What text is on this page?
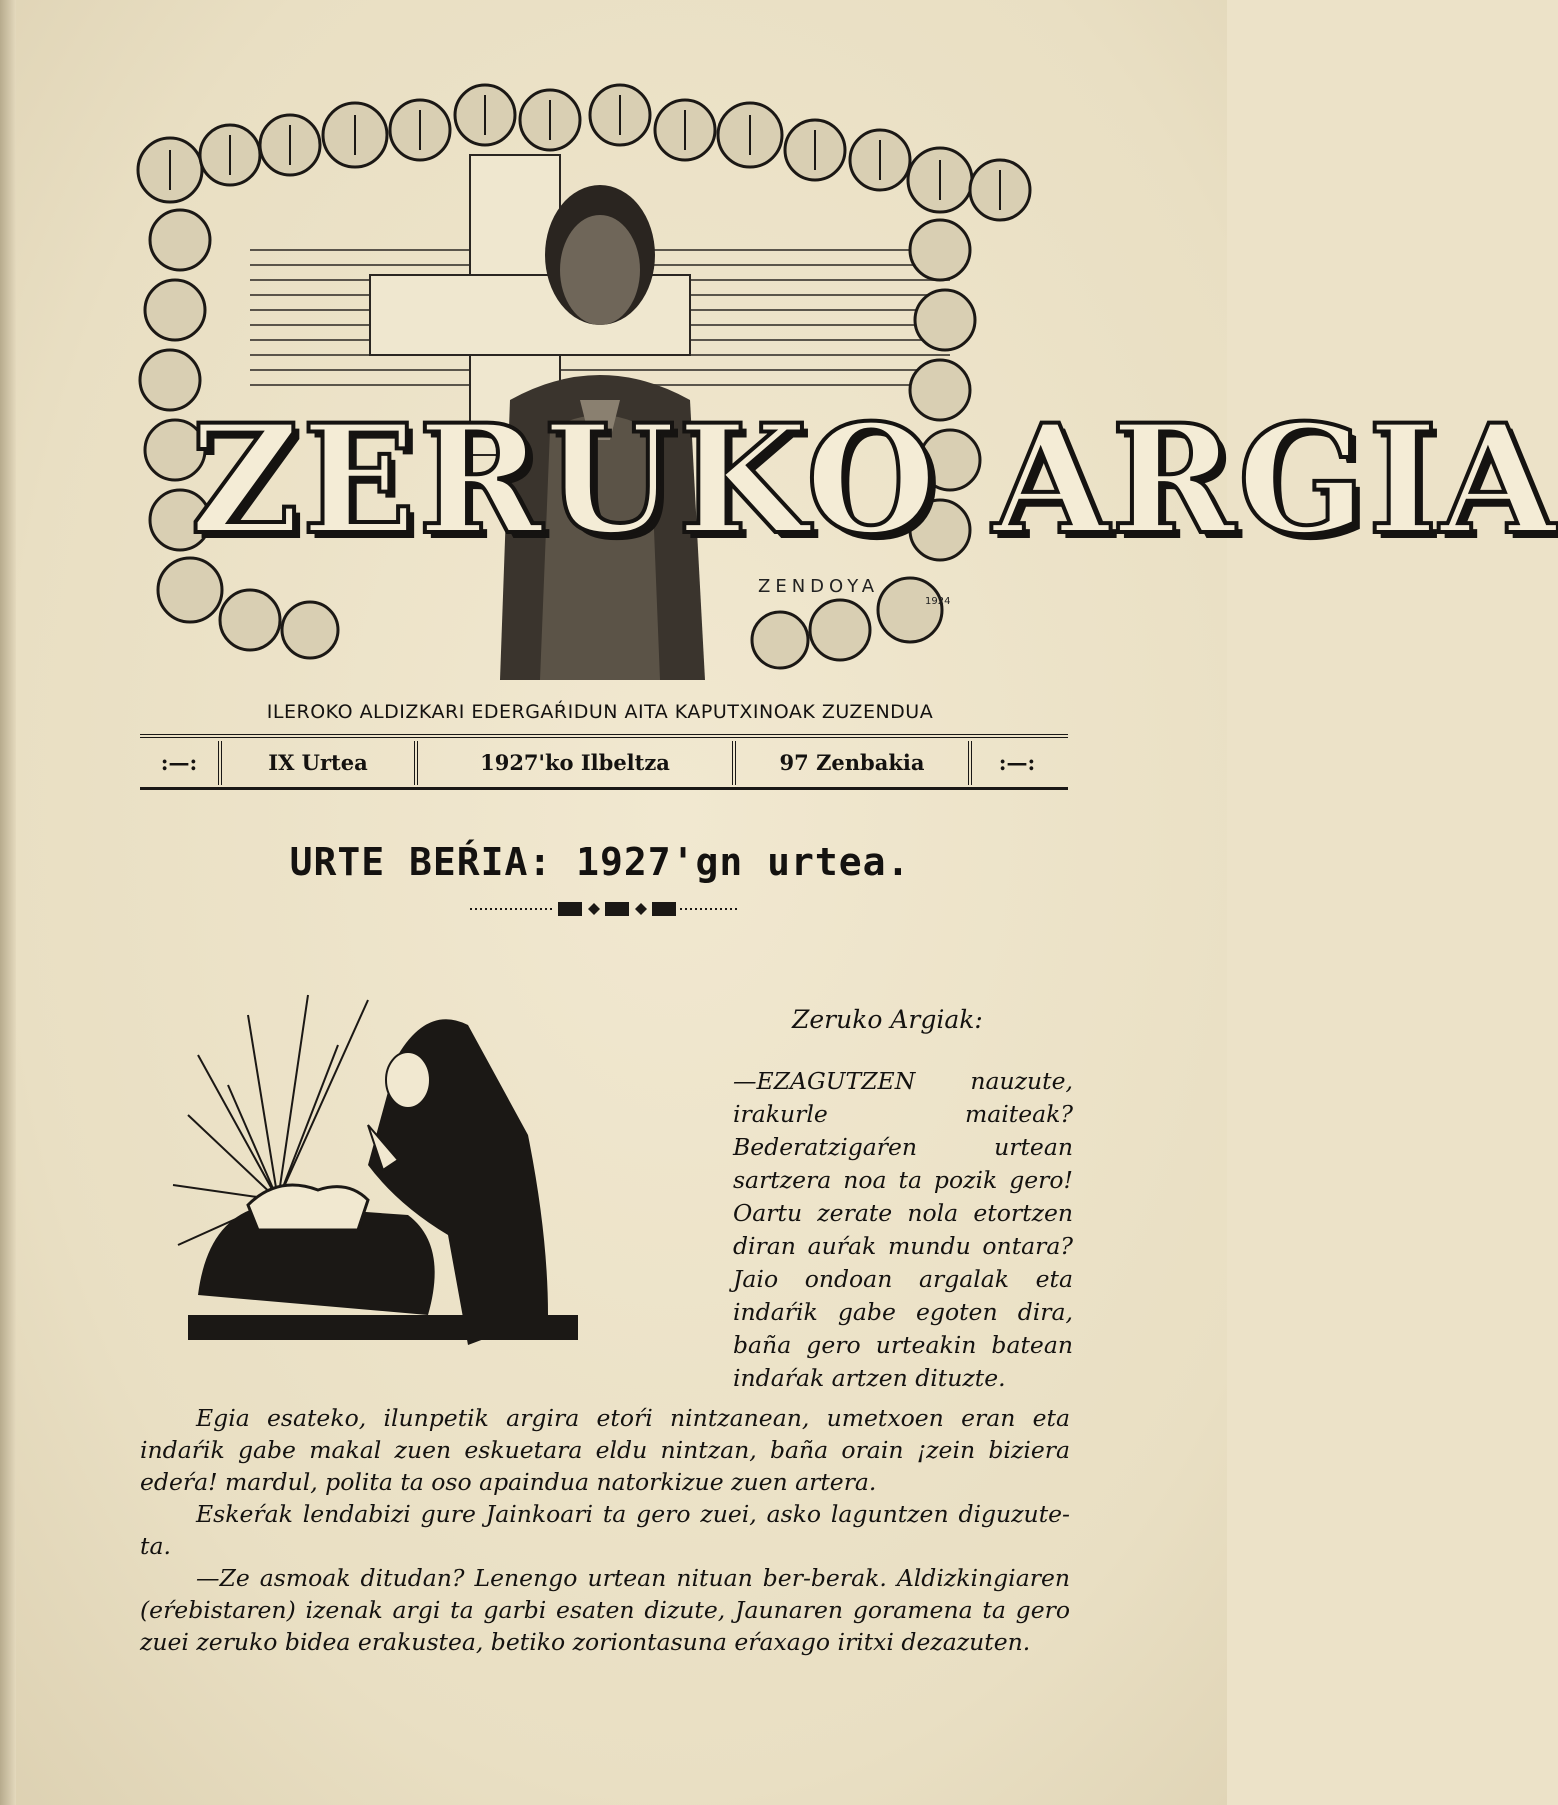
ZERUKO ARGIA
ZENDOYA
1924
ILEROKO ALDIZKARI EDERGAŔIDUN AITA KAPUTXINOAK ZUZENDUA
:—:	IX Urtea	1927'ko Ilbeltza	97 Zenbakia	:—:
URTE BEŔIA: 1927'gn urtea.
Zeruko Argiak:

—EZAGUTZEN nauzute, irakurle maiteak? Bederatzigaŕen urtean sartzera noa ta pozik gero! Oartu zerate nola etortzen diran auŕak mundu ontara? Jaio ondoan argalak eta indaŕik gabe egoten dira, baña gero urteakin batean indaŕak artzen dituzte.

Egia esateko, ilunpetik argira etoŕi nintzanean, umetxoen eran eta indaŕik gabe makal zuen eskuetara eldu nintzan, baña orain ¡zein biziera edeŕa! mardul, polita ta oso apaindua natorkizue zuen artera.

Eskeŕak lendabizi gure Jainkoari ta gero zuei, asko laguntzen diguzute-ta.

—Ze asmoak ditudan? Lenengo urtean nituan ber-berak. Aldizkingiaren (eŕebistaren) izenak argi ta garbi esaten dizute, Jaunaren goramena ta gero zuei zeruko bidea erakustea, betiko zoriontasuna eŕaxago iritxi dezazuten.
